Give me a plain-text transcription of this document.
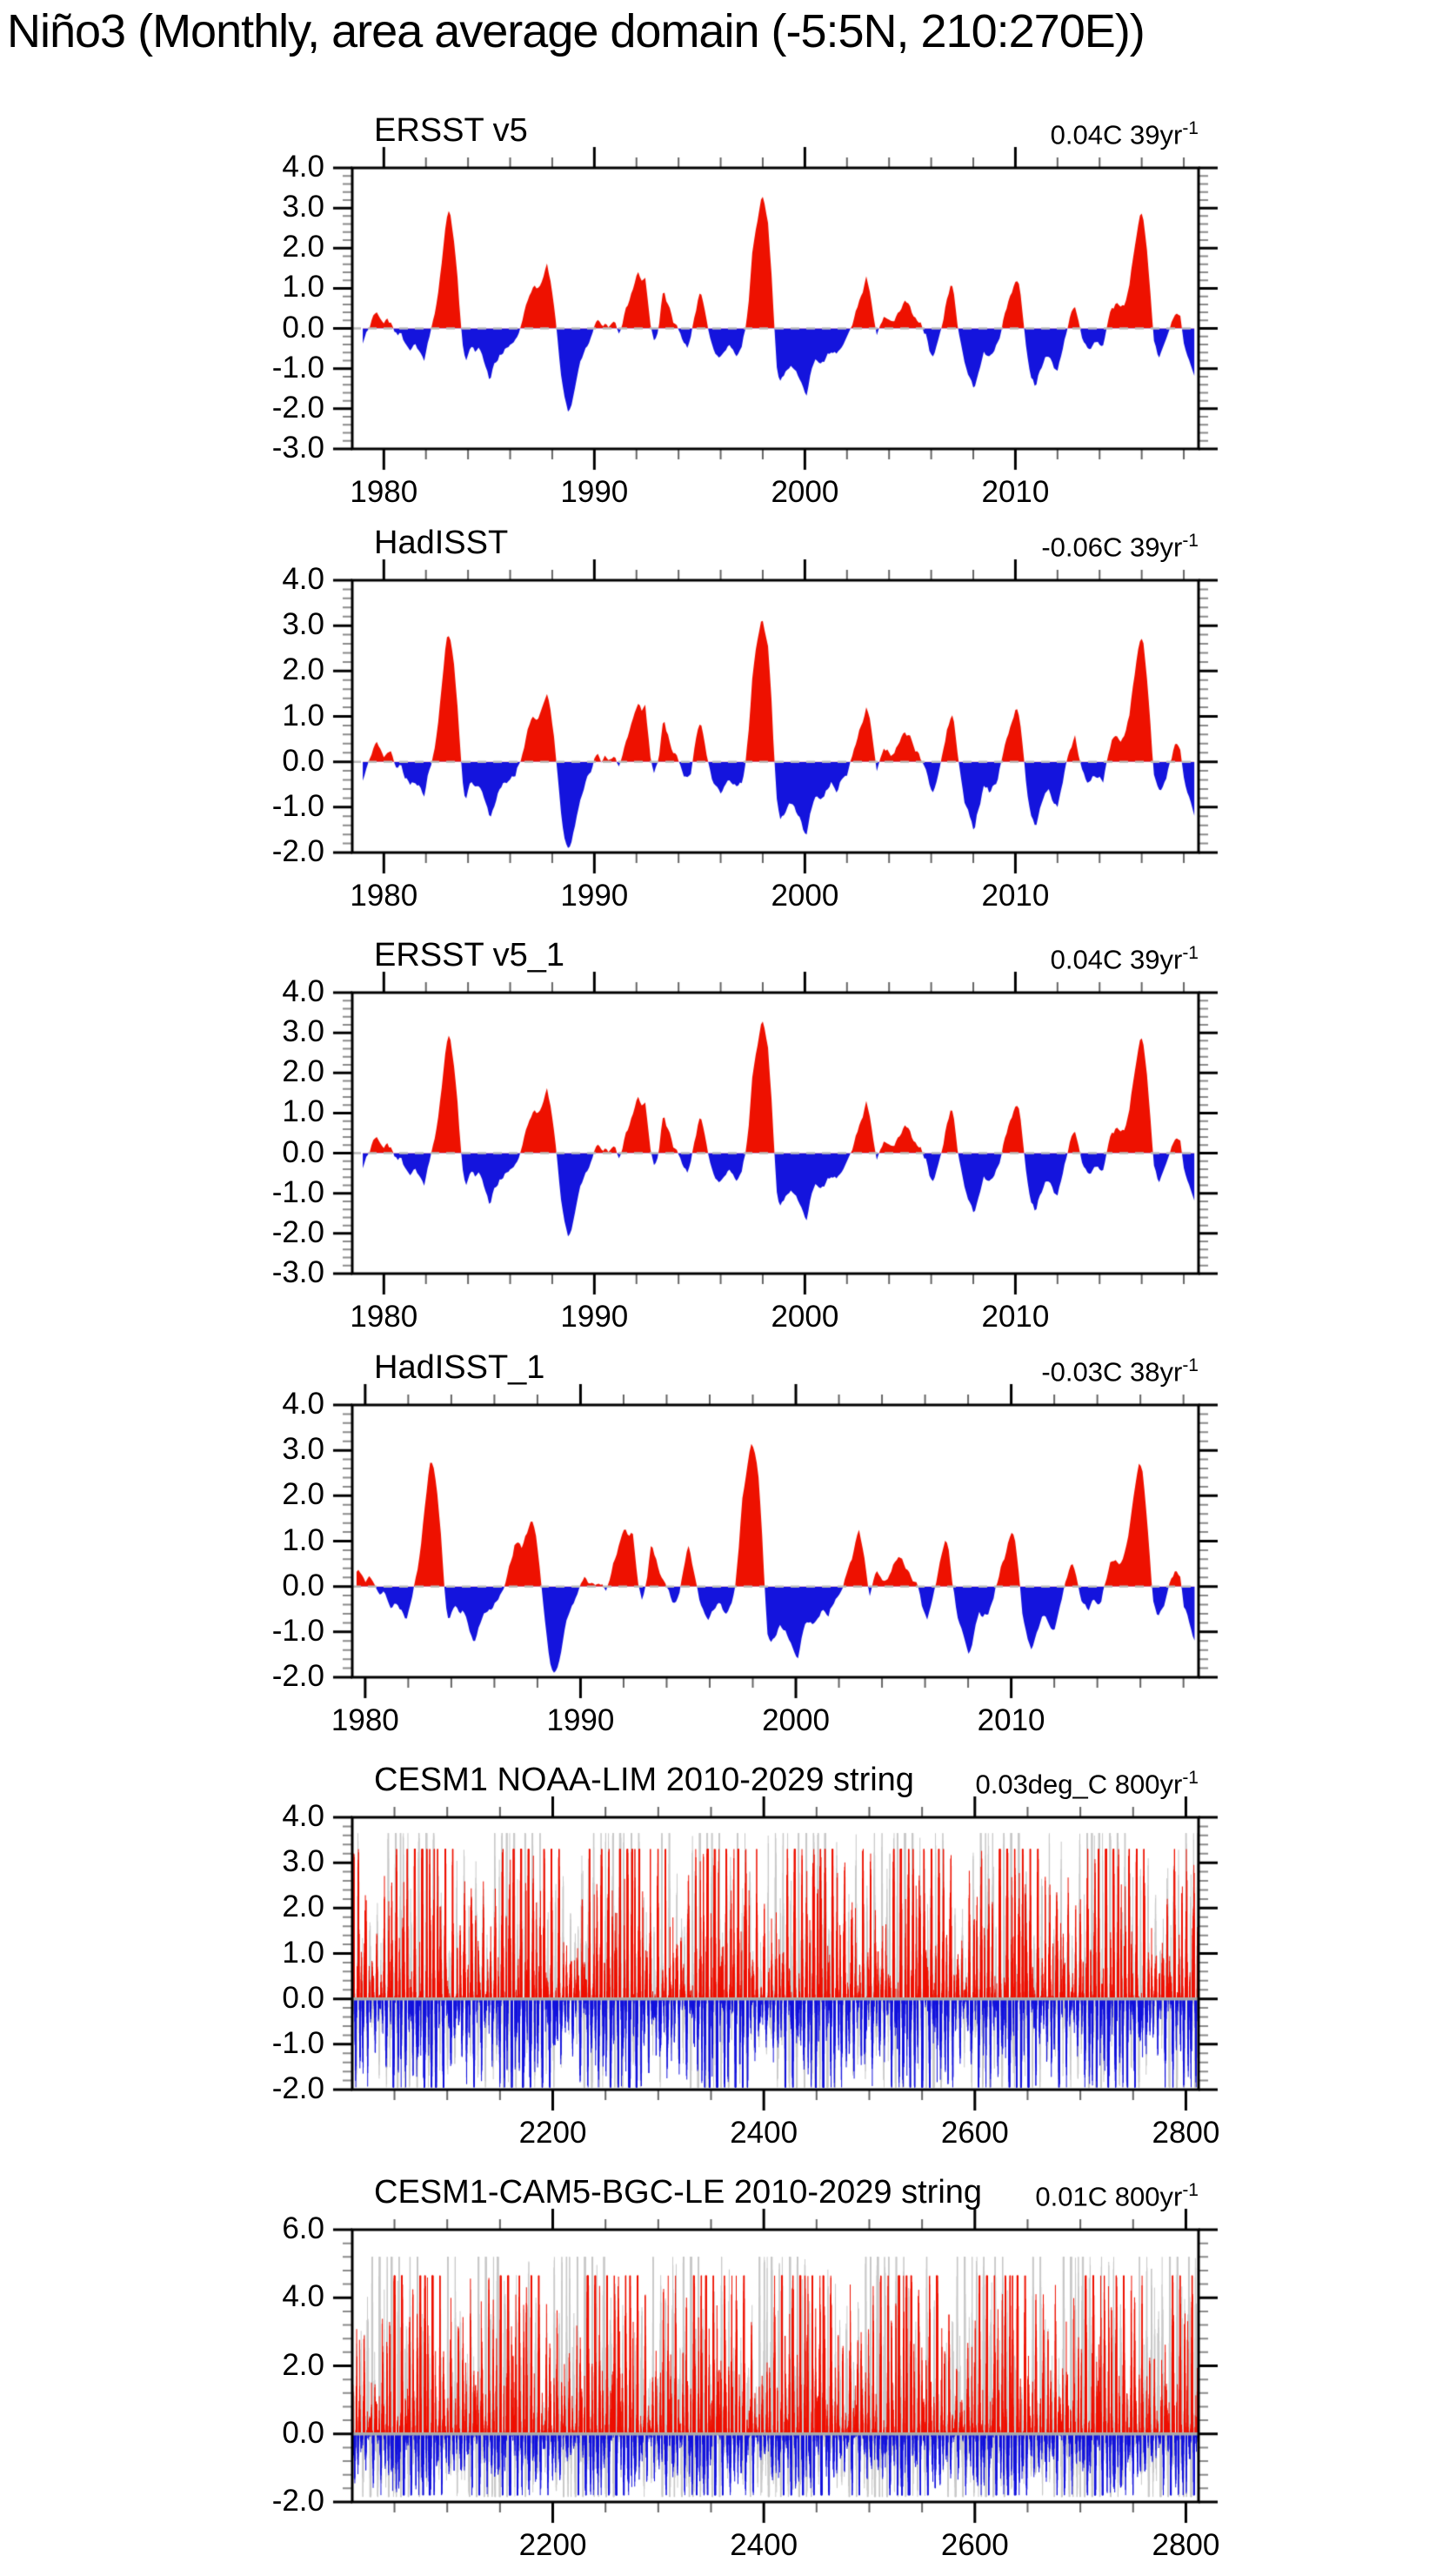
Niño3 (Monthly, area average domain (-5:5N, 210:270E))
ERSST v5	0.04C $39yr^{-1}$
4.0
3.0
2.0
1.0
0.0
-1.0
-2.0
-3.0
1980	1990	2000	2010
HadISST	-0.06C $39yr^{-1}$
4.0
3.0
2.0
1.0
0.0
-1.0
-2.0
1980	1990	2000	2010
ERSST v5_1	0.04C $39yr^{-1}$
4.0
3.0
2.0
1.0
0.0
-1.0
-2.0
-3.0
1980	1990	2000	2010
HadISST_1	-0.03C $38yr^{-1}$
4.0
3.0
2.0
1.0
0.0
-1.0
-2.0
1980	1990	2000	2010
CESM1 NOAA-LIM 2010-2029 string 0.03deg_C $800yr^{-1}$
4.0
3.0
2.0
1.0
0.0
-1.0
-2.0
2200	2400	2600	2800
CESM1-CAM5-BGC-LE 2010-2029 string 0.01C $800yr^{-1}$
6.0
4.0
2.0
0.0
-2.0
2200	2400	2600	2800
